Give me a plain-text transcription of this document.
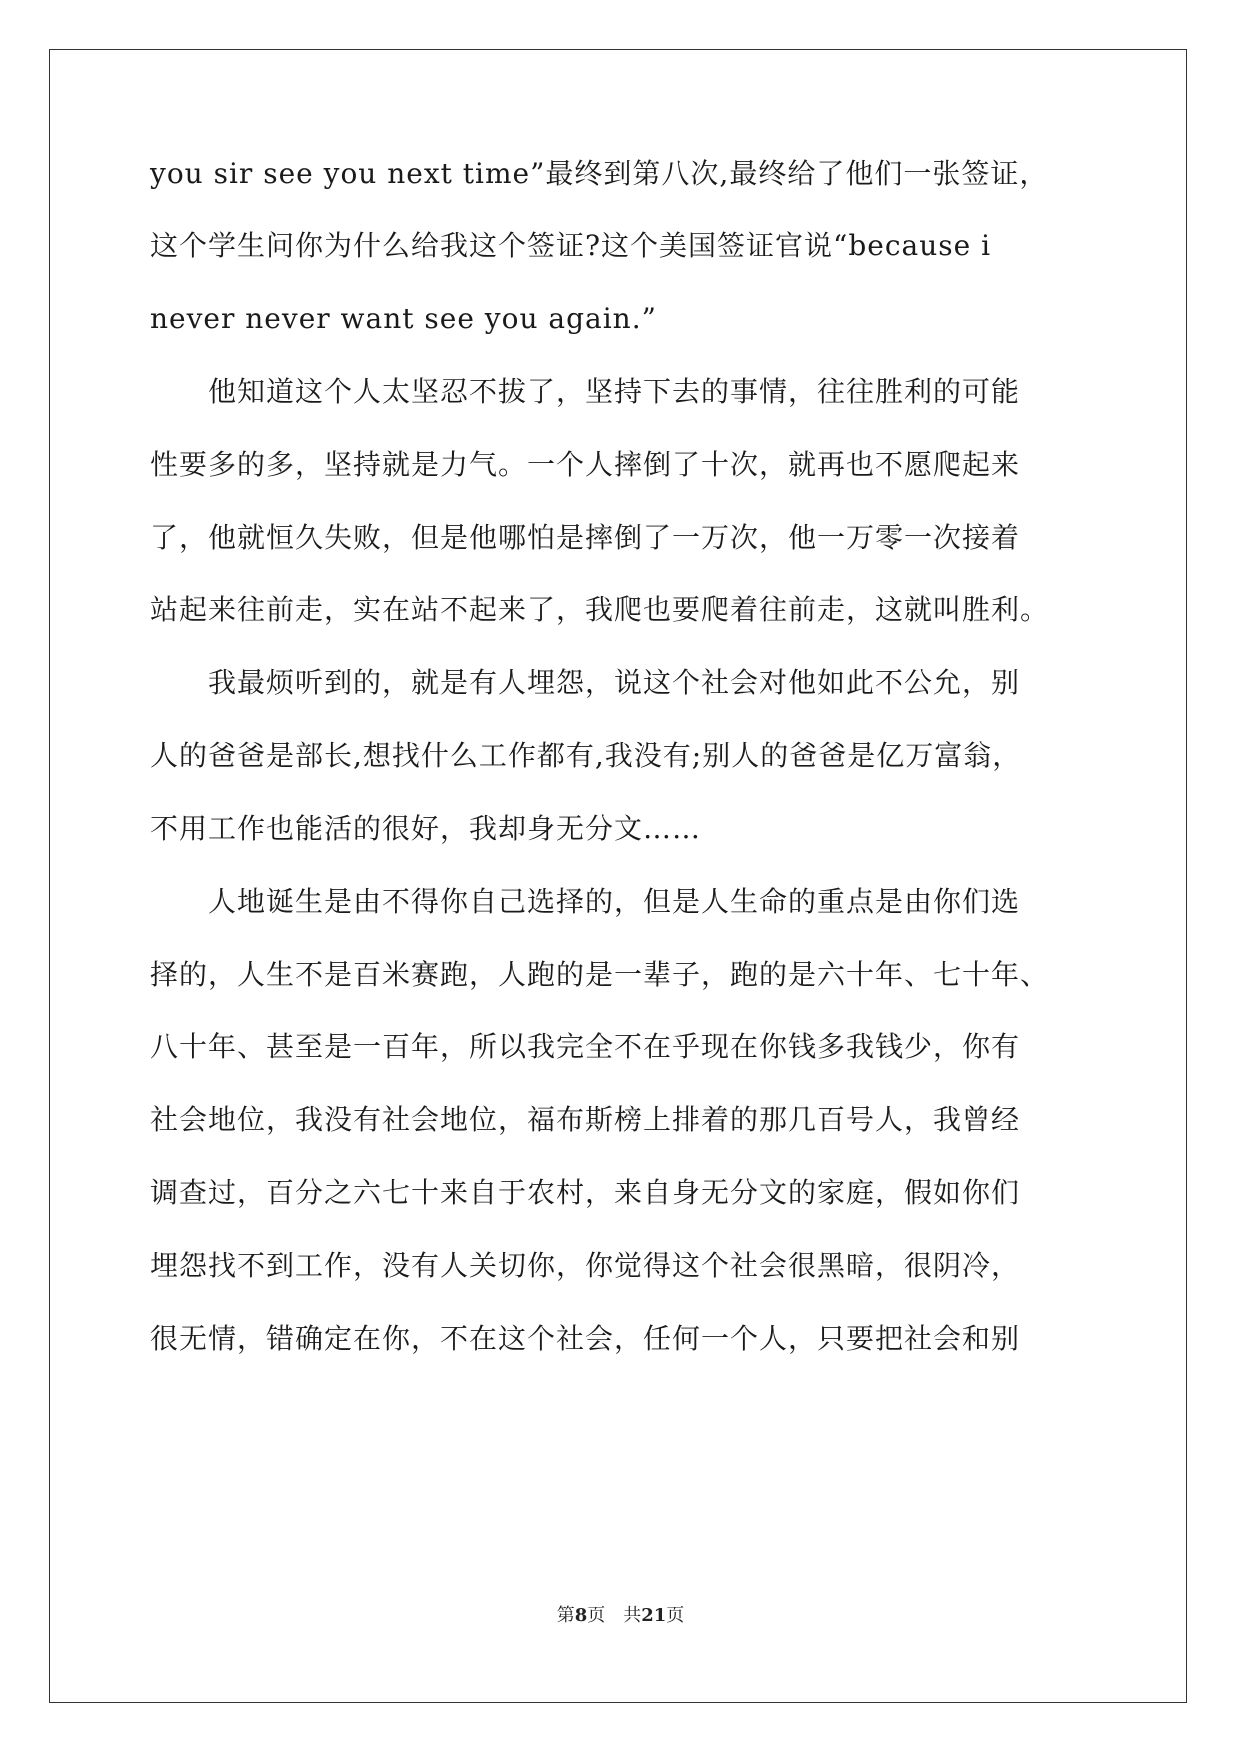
you sir see you next time”最终到第八次,最终给了他们一张签证，
这个学生问你为什么给我这个签证?这个美国签证官说“because i
never never want see you again.”
　　他知道这个人太坚忍不拔了，坚持下去的事情，往往胜利的可能
性要多的多，坚持就是力气。一个人摔倒了十次，就再也不愿爬起来
了，他就恒久失败，但是他哪怕是摔倒了一万次，他一万零一次接着
站起来往前走，实在站不起来了，我爬也要爬着往前走，这就叫胜利。
　　我最烦听到的，就是有人埋怨，说这个社会对他如此不公允，别
人的爸爸是部长,想找什么工作都有,我没有;别人的爸爸是亿万富翁，
不用工作也能活的很好，我却身无分文……
　　人地诞生是由不得你自己选择的，但是人生命的重点是由你们选
择的，人生不是百米赛跑，人跑的是一辈子，跑的是六十年、七十年、
八十年、甚至是一百年，所以我完全不在乎现在你钱多我钱少，你有
社会地位，我没有社会地位，福布斯榜上排着的那几百号人，我曾经
调查过，百分之六七十来自于农村，来自身无分文的家庭，假如你们
埋怨找不到工作，没有人关切你，你觉得这个社会很黑暗，很阴冷，
很无情，错确定在你，不在这个社会，任何一个人，只要把社会和别
第8页　共21页
